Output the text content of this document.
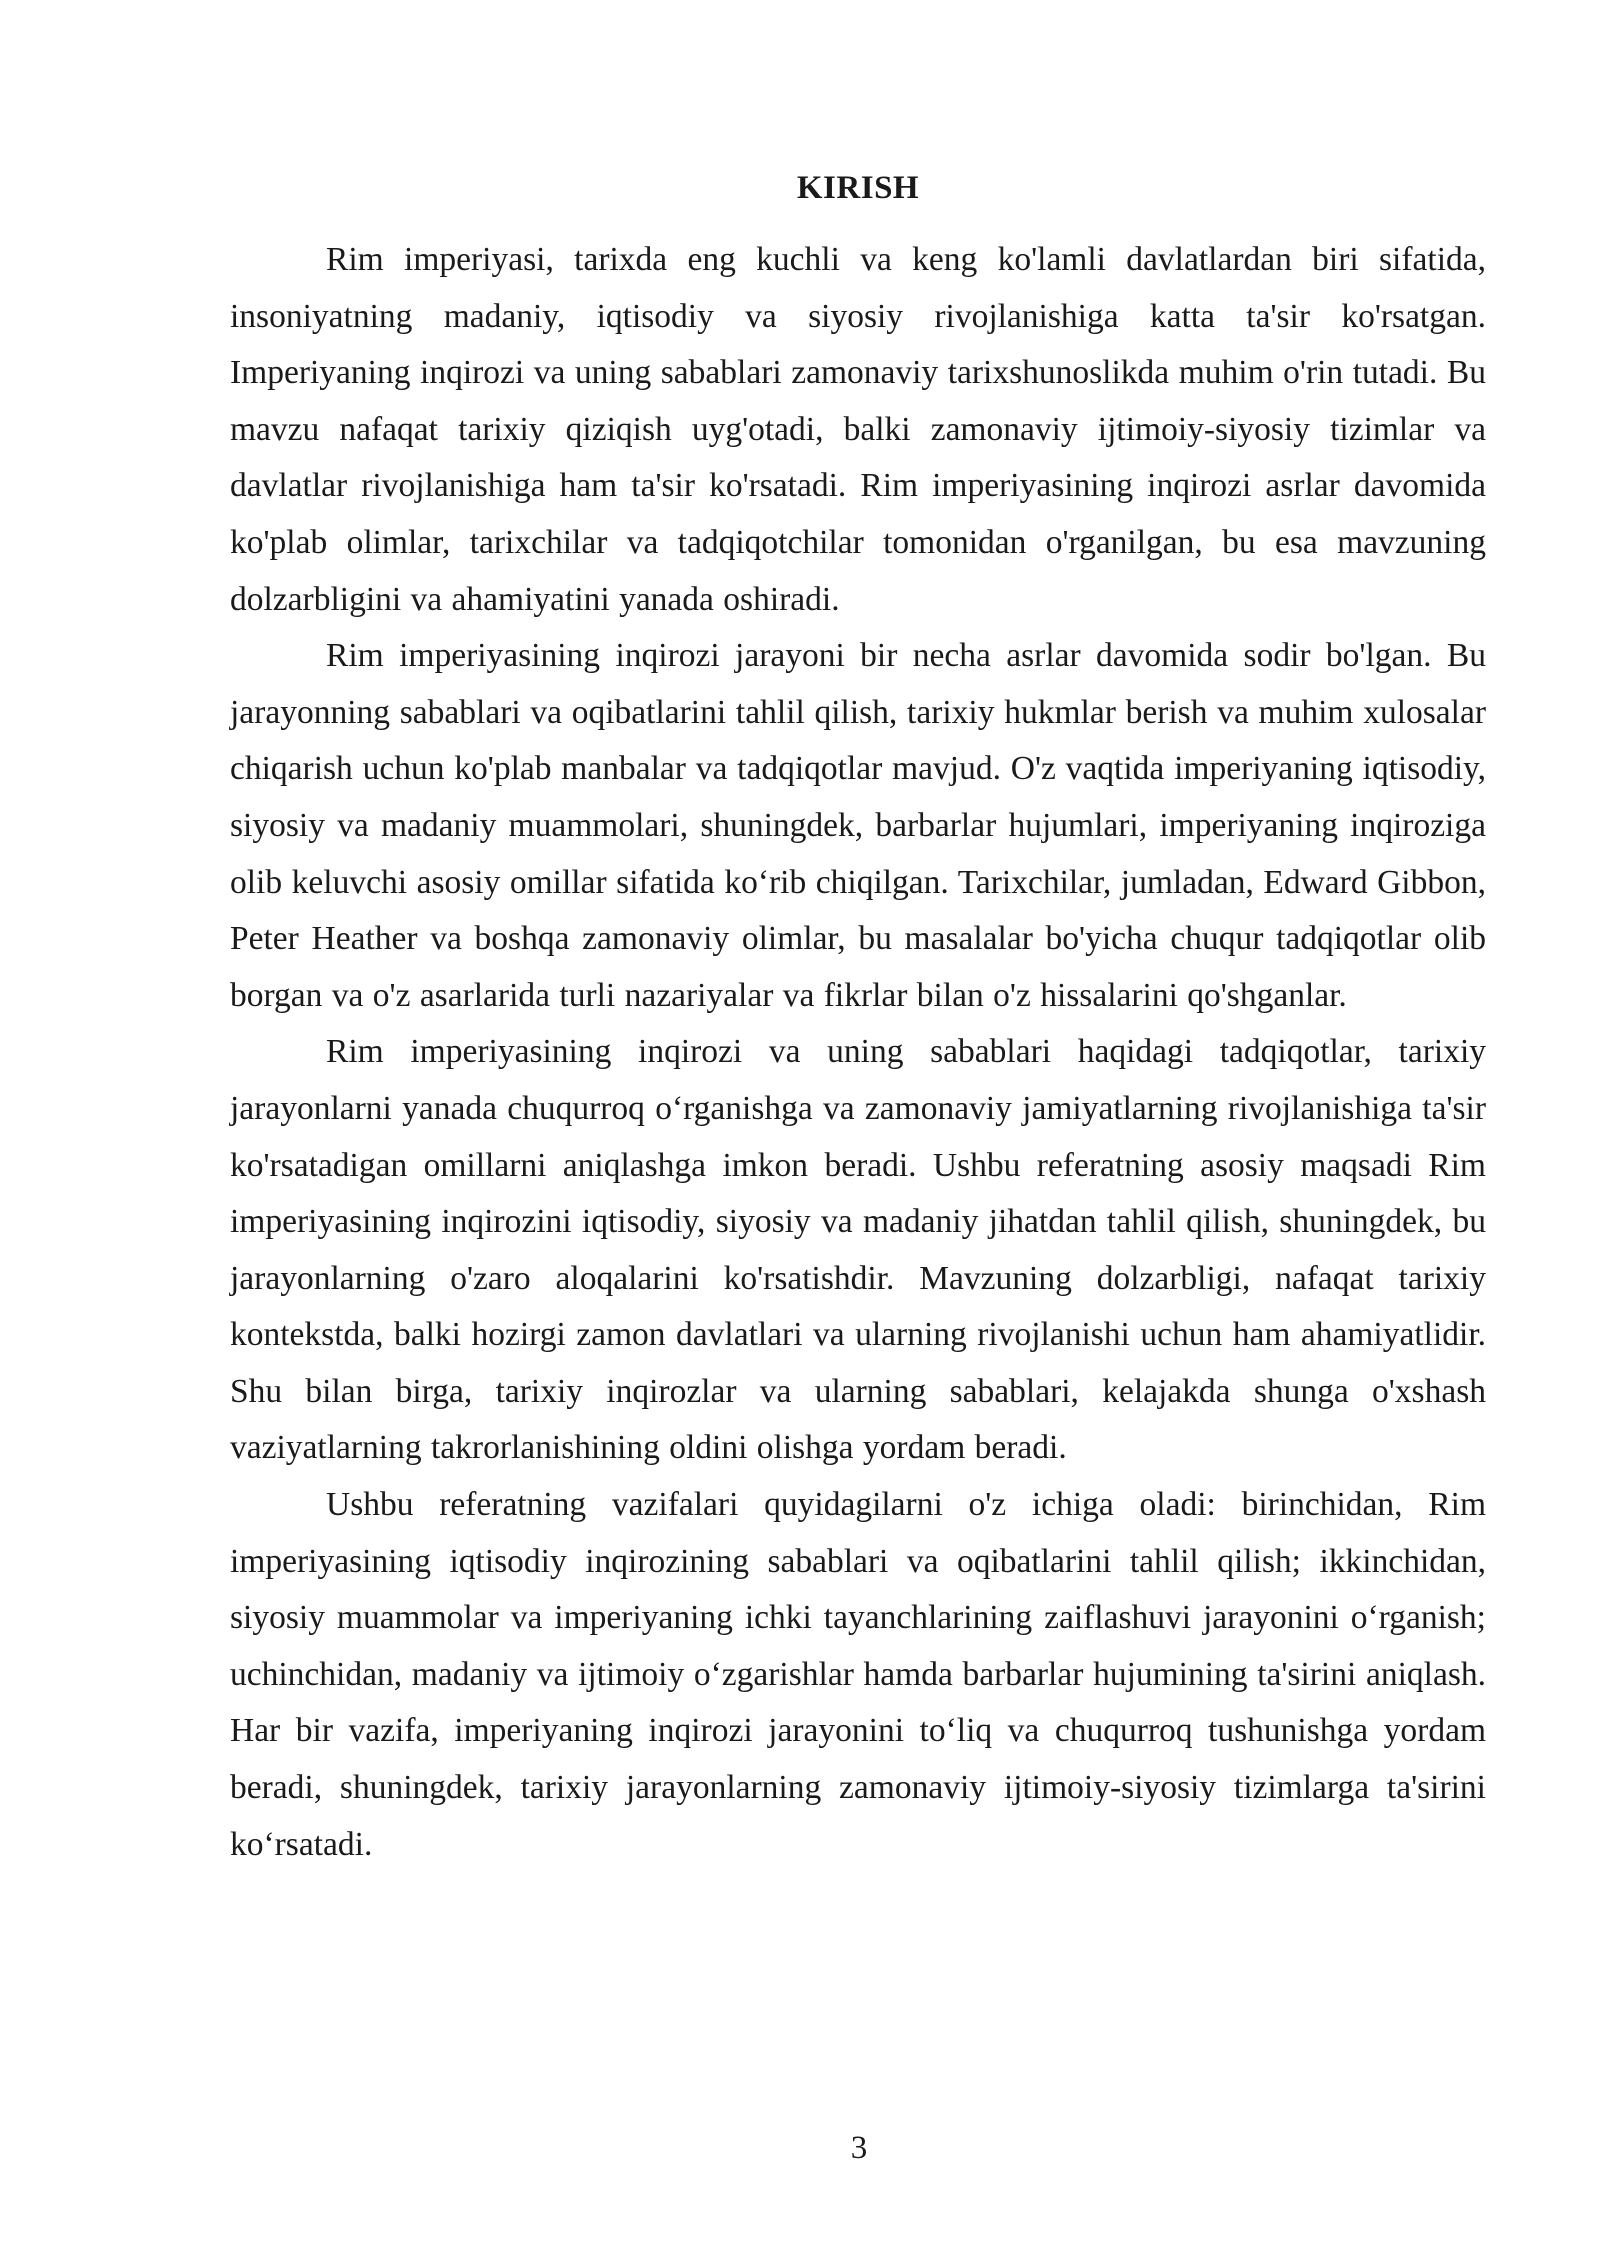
KIRISH

Rim imperiyasi, tarixda eng kuchli va keng ko'lamli davlatlardan biri sifatida, insoniyatning madaniy, iqtisodiy va siyosiy rivojlanishiga katta ta'sir ko'rsatgan. Imperiyaning inqirozi va uning sabablari zamonaviy tarixshunoslikda muhim o'rin tutadi. Bu mavzu nafaqat tarixiy qiziqish uyg'otadi, balki zamonaviy ijtimoiy-siyosiy tizimlar va davlatlar rivojlanishiga ham ta'sir ko'rsatadi. Rim imperiyasining inqirozi asrlar davomida ko'plab olimlar, tarixchilar va tadqiqotchilar tomonidan o'rganilgan, bu esa mavzuning dolzarbligini va ahamiyatini yanada oshiradi.

Rim imperiyasining inqirozi jarayoni bir necha asrlar davomida sodir bo'lgan. Bu jarayonning sabablari va oqibatlarini tahlil qilish, tarixiy hukmlar berish va muhim xulosalar chiqarish uchun ko'plab manbalar va tadqiqotlar mavjud. O'z vaqtida imperiyaning iqtisodiy, siyosiy va madaniy muammolari, shuningdek, barbarlar hujumlari, imperiyaning inqiroziga olib keluvchi asosiy omillar sifatida ko‘rib chiqilgan. Tarixchilar, jumladan, Edward Gibbon, Peter Heather va boshqa zamonaviy olimlar, bu masalalar bo'yicha chuqur tadqiqotlar olib borgan va o'z asarlarida turli nazariyalar va fikrlar bilan o'z hissalarini qo'shganlar.

Rim imperiyasining inqirozi va uning sabablari haqidagi tadqiqotlar, tarixiy jarayonlarni yanada chuqurroq o‘rganishga va zamonaviy jamiyatlarning rivojlanishiga ta'sir ko'rsatadigan omillarni aniqlashga imkon beradi. Ushbu referatning asosiy maqsadi Rim imperiyasining inqirozini iqtisodiy, siyosiy va madaniy jihatdan tahlil qilish, shuningdek, bu jarayonlarning o'zaro aloqalarini ko'rsatishdir. Mavzuning dolzarbligi, nafaqat tarixiy kontekstda, balki hozirgi zamon davlatlari va ularning rivojlanishi uchun ham ahamiyatlidir. Shu bilan birga, tarixiy inqirozlar va ularning sabablari, kelajakda shunga o'xshash vaziyatlarning takrorlanishining oldini olishga yordam beradi.

Ushbu referatning vazifalari quyidagilarni o'z ichiga oladi: birinchidan, Rim imperiyasining iqtisodiy inqirozining sabablari va oqibatlarini tahlil qilish; ikkinchidan, siyosiy muammolar va imperiyaning ichki tayanchlarining zaiflashuvi jarayonini o‘rganish; uchinchidan, madaniy va ijtimoiy o‘zgarishlar hamda barbarlar hujumining ta'sirini aniqlash. Har bir vazifa, imperiyaning inqirozi jarayonini to‘liq va chuqurroq tushunishga yordam beradi, shuningdek, tarixiy jarayonlarning zamonaviy ijtimoiy-siyosiy tizimlarga ta'sirini ko‘rsatadi.

3
